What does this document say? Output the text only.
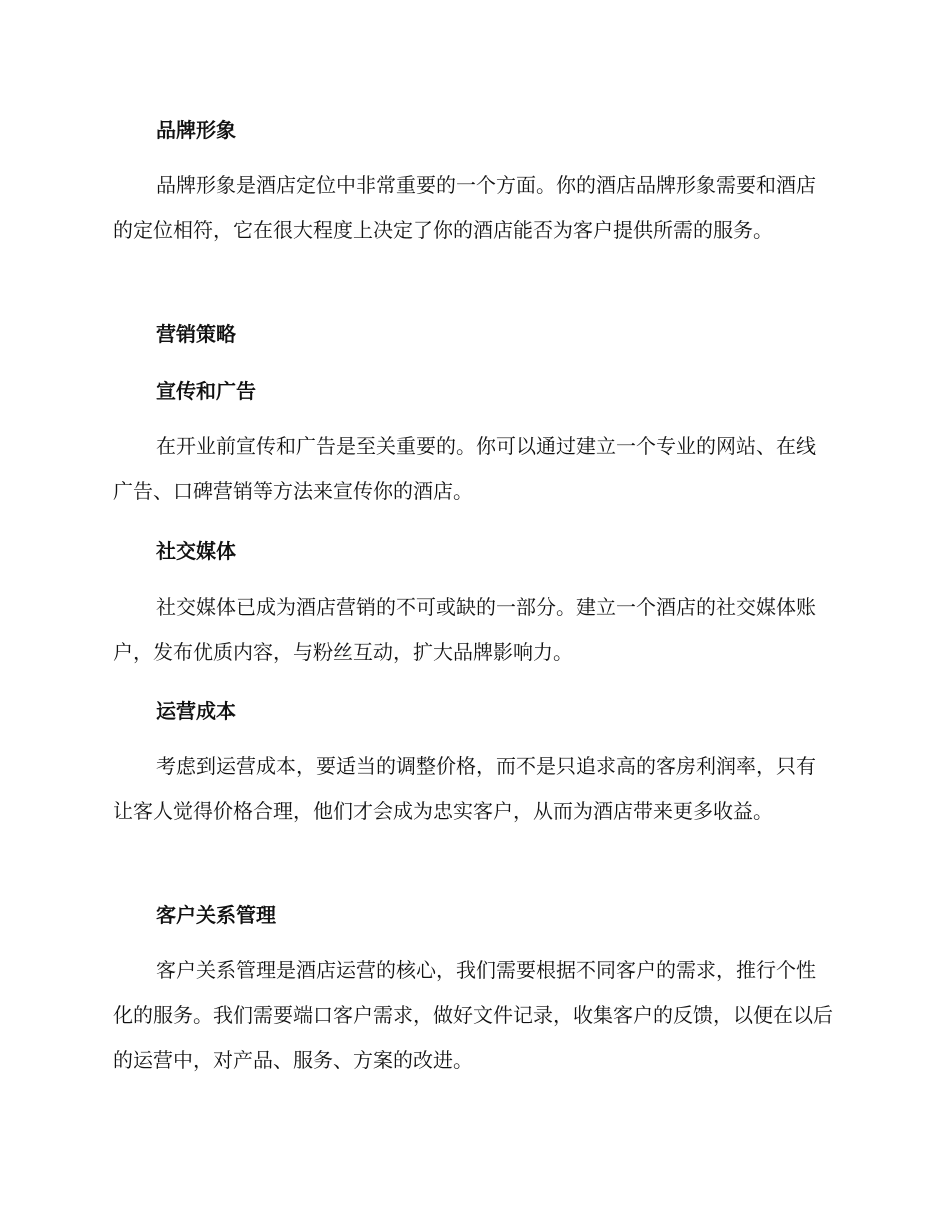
品牌形象

品牌形象是酒店定位中非常重要的一个方面。你的酒店品牌形象需要和酒店的定位相符，它在很大程度上决定了你的酒店能否为客户提供所需的服务。

营销策略
宣传和广告

在开业前宣传和广告是至关重要的。你可以通过建立一个专业的网站、在线广告、口碑营销等方法来宣传你的酒店。

社交媒体

社交媒体已成为酒店营销的不可或缺的一部分。建立一个酒店的社交媒体账户，发布优质内容，与粉丝互动，扩大品牌影响力。

运营成本

考虑到运营成本，要适当的调整价格，而不是只追求高的客房利润率，只有让客人觉得价格合理，他们才会成为忠实客户，从而为酒店带来更多收益。

客户关系管理

客户关系管理是酒店运营的核心，我们需要根据不同客户的需求，推行个性化的服务。我们需要端口客户需求，做好文件记录，收集客户的反馈，以便在以后的运营中，对产品、服务、方案的改进。
